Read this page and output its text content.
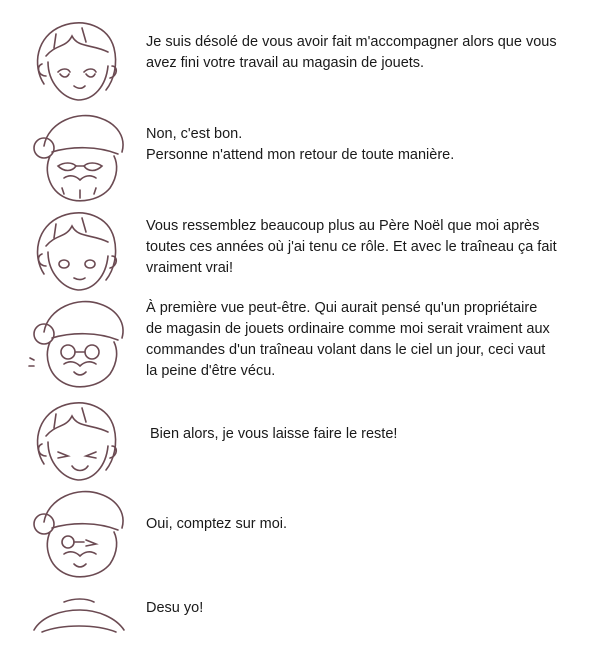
Je suis désolé de vous avoir fait m'accompagner alors que vous
avez fini votre travail au magasin de jouets.
Non, c'est bon.
Personne n'attend mon retour de toute manière.
Vous ressemblez beaucoup plus au Père Noël que moi après
toutes ces années où j'ai tenu ce rôle. Et avec le traîneau ça fait
vraiment vrai!
À première vue peut-être. Qui aurait pensé qu'un propriétaire
de magasin de jouets ordinaire comme moi serait vraiment aux
commandes d'un traîneau volant dans le ciel un jour, ceci vaut
la peine d'être vécu.
Bien alors, je vous laisse faire le reste!
Oui, comptez sur moi.
Desu yo!
